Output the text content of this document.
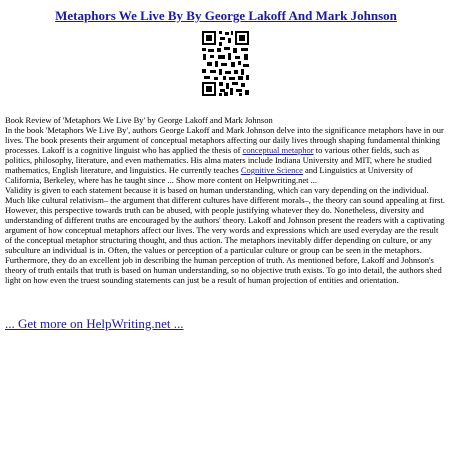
Metaphors We Live By By George Lakoff And Mark Johnson

Book Review of 'Metaphors We Live By' by George Lakoff and Mark Johnson

In the book 'Metaphors We Live By', authors George Lakoff and Mark Johnson delve into the significance metaphors have in our lives. The book presents their argument of conceptual metaphors affecting our daily lives through shaping fundamental thinking processes. Lakoff is a cognitive linguist who has applied the thesis of conceptual metaphor to various other fields, such as politics, philosophy, literature, and even mathematics. His alma maters include Indiana University and MIT, where he studied mathematics, English literature, and linguistics. He currently teaches Cognitive Science and Linguistics at University of California, Berkeley, where has he taught since ... Show more content on Helpwriting.net ...

Validity is given to each statement because it is based on human understanding, which can vary depending on the individual. Much like cultural relativism– the argument that different cultures have different morals–, the theory can sound appealing at first. However, this perspective towards truth can be abused, with people justifying whatever they do. Nonetheless, diversity and understanding of different truths are encouraged by the authors' theory. Lakoff and Johnson present the readers with a captivating argument of how conceptual metaphors affect our lives. The very words and expressions which are used everyday are the result of the conceptual metaphor structuring thought, and thus action. The metaphors inevitably differ depending on culture, or any subculture an individual is in. Often, the values or perception of a particular culture or group can be seen in the metaphors. Furthermore, they do an excellent job in describing the human perception of truth. As mentioned before, Lakoff and Johnson's theory of truth entails that truth is based on human understanding, so no objective truth exists. To go into detail, the authors shed light on how even the truest sounding statements can just be a result of human projection of entities and orientation.

... Get more on HelpWriting.net ...
